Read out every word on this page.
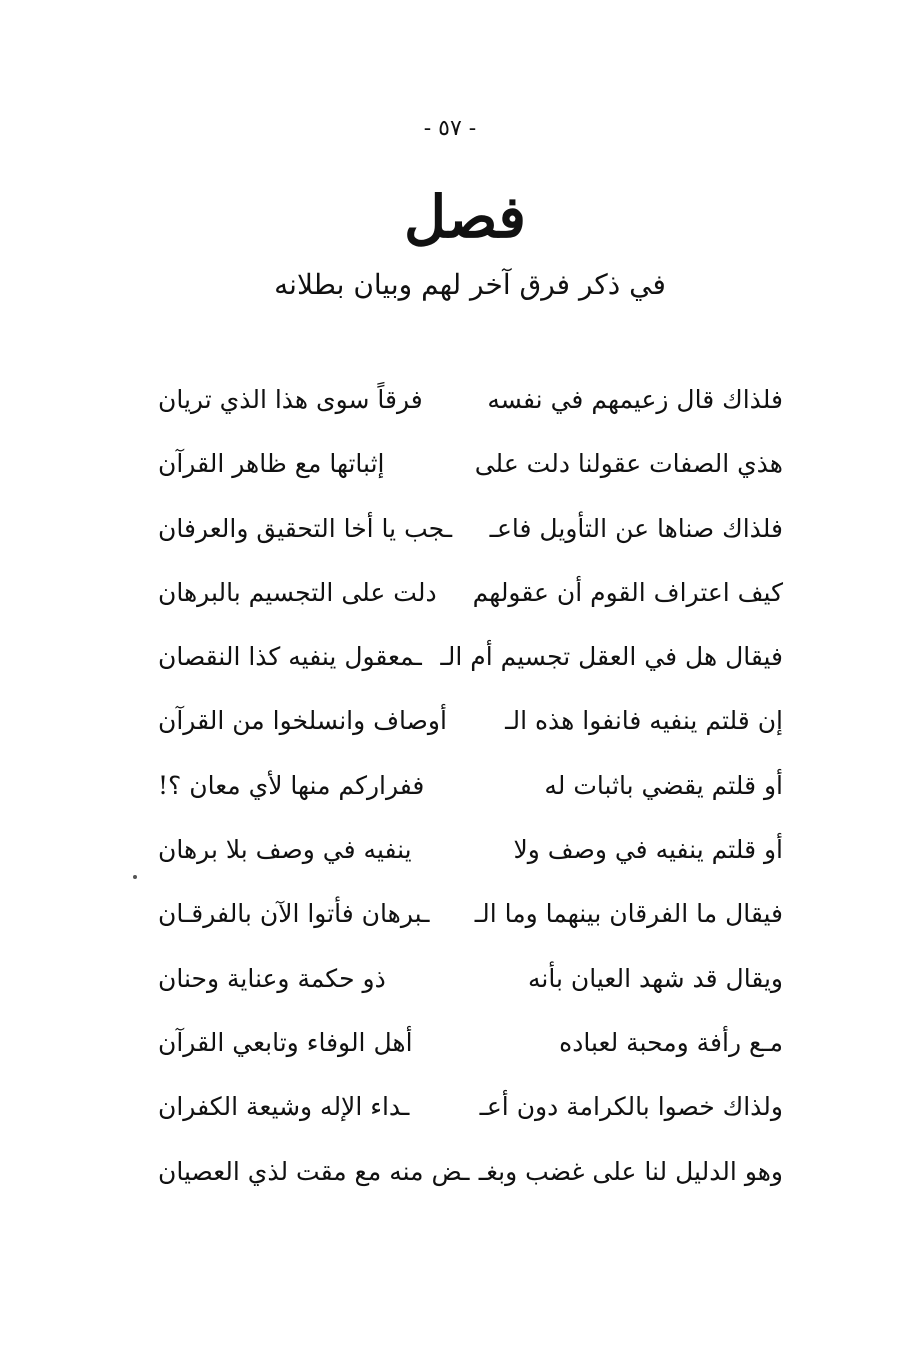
- ٥٧ -
فصل
في ذكر فرق آخر لهم وبيان بطلانه
فلذاك قال زعيمهم في نفسه
فرقاً سوى هذا الذي تريان
هذي الصفات عقولنا دلت على
إثباتها مع ظاهر القرآن
فلذاك صناها عن التأويل فاعـ
ـجب يا أخا التحقيق والعرفان
كيف اعتراف القوم أن عقولهم
دلت على التجسيم بالبرهان
فيقال هل في العقل تجسيم أم الـ
ـمعقول ينفيه كذا النقصان
إن قلتم ينفيه فانفوا هذه الـ
أوصاف وانسلخوا من القرآن
أو قلتم يقضي باثبات له
ففراركم منها لأي معان ؟!
أو قلتم ينفيه في وصف ولا
ينفيه في وصف بلا برهان
فيقال ما الفرقان بينهما وما الـ
ـبرهان فأتوا الآن بالفرقـان
ويقال قد شهد العيان بأنه
ذو حكمة وعناية وحنان
مـع رأفة ومحبة لعباده
أهل الوفاء وتابعي القرآن
ولذاك خصوا بالكرامة دون أعـ
ـداء الإله وشيعة الكفران
وهو الدليل لنا على غضب وبغـ
ـض منه مع مقت لذي العصيان
